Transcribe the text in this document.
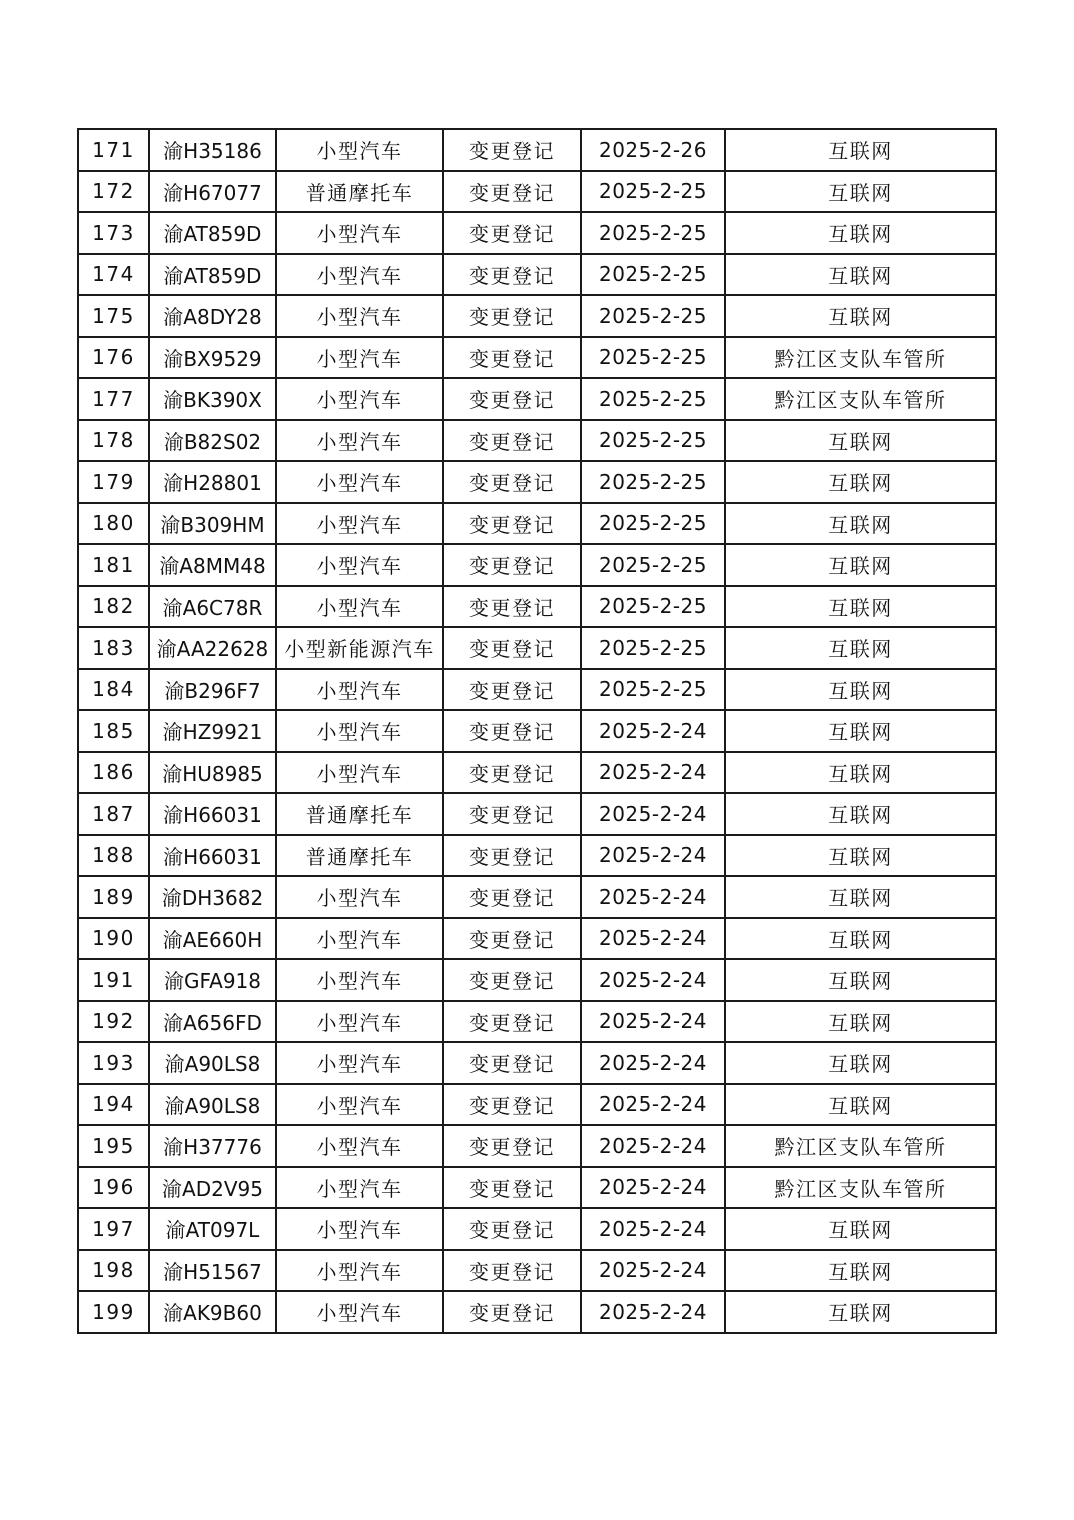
171	渝H35186	小型汽车	变更登记	2025-2-26	互联网
172	渝H67077	普通摩托车	变更登记	2025-2-25	互联网
173	渝AT859D	小型汽车	变更登记	2025-2-25	互联网
174	渝AT859D	小型汽车	变更登记	2025-2-25	互联网
175	渝A8DY28	小型汽车	变更登记	2025-2-25	互联网
176	渝BX9529	小型汽车	变更登记	2025-2-25	黔江区支队车管所
177	渝BK390X	小型汽车	变更登记	2025-2-25	黔江区支队车管所
178	渝B82S02	小型汽车	变更登记	2025-2-25	互联网
179	渝H28801	小型汽车	变更登记	2025-2-25	互联网
180	渝B309HM	小型汽车	变更登记	2025-2-25	互联网
181	渝A8MM48	小型汽车	变更登记	2025-2-25	互联网
182	渝A6C78R	小型汽车	变更登记	2025-2-25	互联网
183	渝AA22628	小型新能源汽车	变更登记	2025-2-25	互联网
184	渝B296F7	小型汽车	变更登记	2025-2-25	互联网
185	渝HZ9921	小型汽车	变更登记	2025-2-24	互联网
186	渝HU8985	小型汽车	变更登记	2025-2-24	互联网
187	渝H66031	普通摩托车	变更登记	2025-2-24	互联网
188	渝H66031	普通摩托车	变更登记	2025-2-24	互联网
189	渝DH3682	小型汽车	变更登记	2025-2-24	互联网
190	渝AE660H	小型汽车	变更登记	2025-2-24	互联网
191	渝GFA918	小型汽车	变更登记	2025-2-24	互联网
192	渝A656FD	小型汽车	变更登记	2025-2-24	互联网
193	渝A90LS8	小型汽车	变更登记	2025-2-24	互联网
194	渝A90LS8	小型汽车	变更登记	2025-2-24	互联网
195	渝H37776	小型汽车	变更登记	2025-2-24	黔江区支队车管所
196	渝AD2V95	小型汽车	变更登记	2025-2-24	黔江区支队车管所
197	渝AT097L	小型汽车	变更登记	2025-2-24	互联网
198	渝H51567	小型汽车	变更登记	2025-2-24	互联网
199	渝AK9B60	小型汽车	变更登记	2025-2-24	互联网
